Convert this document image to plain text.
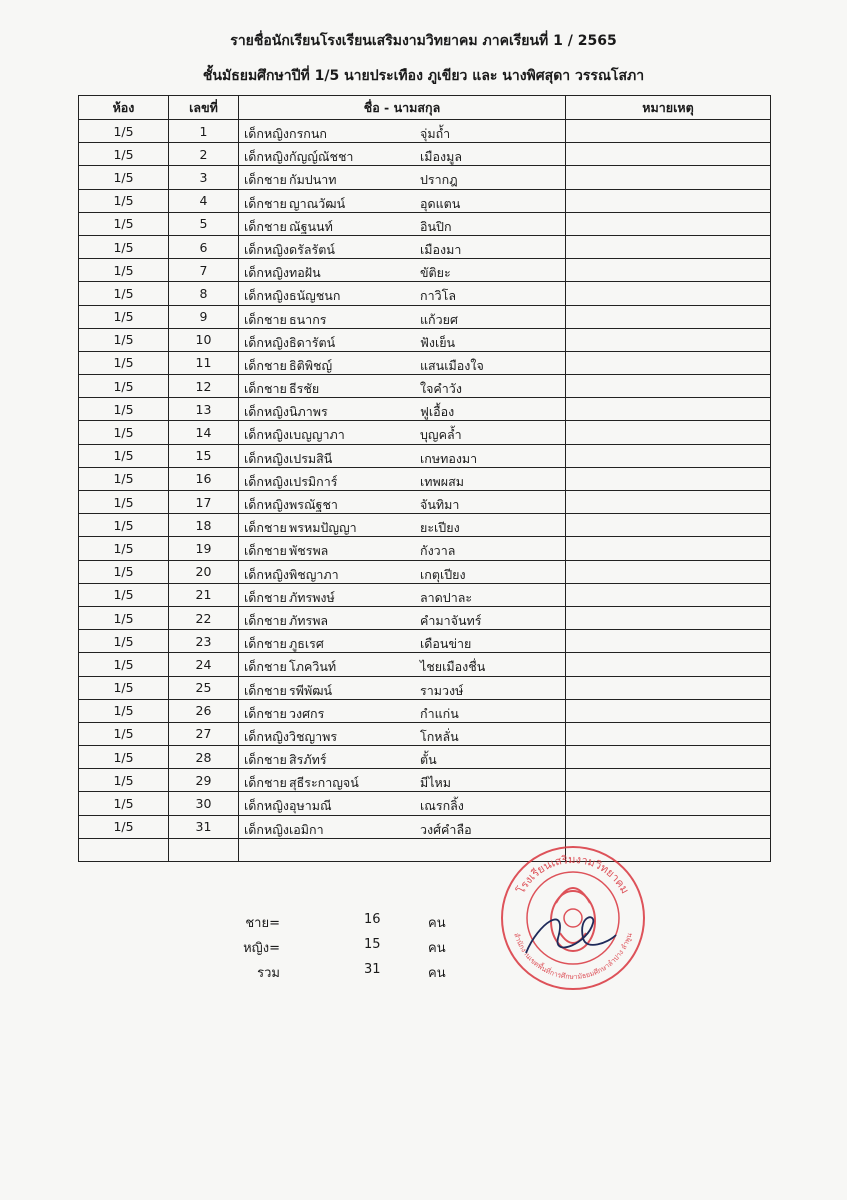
รายชื่อนักเรียนโรงเรียนเสริมงามวิทยาคม ภาคเรียนที่ 1 / 2565
ชั้นมัธยมศึกษาปีที่ 1/5 นายประเทือง ภูเขียว และ นางพิศสุดา วรรณโสภา
ห้อง	เลขที่	ชื่อ - นามสกุล	หมายเหตุ
1/5	1	เด็กหญิง กรกนก จุ่มถ้ำ	

1/5	2	เด็กหญิง กัญญ์ณัชชา เมืองมูล	

1/5	3	เด็กชาย กัมปนาท ปรากฎ	

1/5	4	เด็กชาย ญาณวัฒน์ อุดแตน	

1/5	5	เด็กชาย ณัฐนนท์ อินปิก	

1/5	6	เด็กหญิง ดรัลรัตน์ เมืองมา	

1/5	7	เด็กหญิง ทอฝัน ขัติยะ	

1/5	8	เด็กหญิง ธนัญชนก กาวิโล	

1/5	9	เด็กชาย ธนากร แก้วยศ	

1/5	10	เด็กหญิง ธิดารัตน์ ฟังเย็น	

1/5	11	เด็กชาย ธิติพิชญ์ แสนเมืองใจ	

1/5	12	เด็กชาย ธีรชัย ใจคำวัง	

1/5	13	เด็กหญิง นิภาพร ฟูเอื้อง	

1/5	14	เด็กหญิง เบญญาภา บุญคล้ำ	

1/5	15	เด็กหญิง เปรมสินี เกษทองมา	

1/5	16	เด็กหญิง เปรมิการ์ เทพผสม	

1/5	17	เด็กหญิง พรณัฐชา จันทิมา	

1/5	18	เด็กชาย พรหมปัญญา ยะเปียง	

1/5	19	เด็กชาย พัชรพล กังวาล	

1/5	20	เด็กหญิง พิชญาภา เกตุเปียง	

1/5	21	เด็กชาย ภัทรพงษ์ ลาดปาละ	

1/5	22	เด็กชาย ภัทรพล คำมาจันทร์	

1/5	23	เด็กชาย ภูธเรศ เดือนข่าย	

1/5	24	เด็กชาย โภควินท์ ไชยเมืองชื่น	

1/5	25	เด็กชาย รพีพัฒน์ รามวงษ์	

1/5	26	เด็กชาย วงศกร กำแก่น	

1/5	27	เด็กหญิง วิชญาพร โกหลั่น	

1/5	28	เด็กชาย สิรภัทร์ ตั้น	

1/5	29	เด็กชาย สุธีระกาญจน์ มีไหม	

1/5	30	เด็กหญิง อุษามณี เณรกลิ้ง	

1/5	31	เด็กหญิง เอมิกา วงศ์คำลือ	

ชาย=	16	คน
หญิง=	15	คน
รวม	31	คน
โรงเรียนเสริมงามวิทยาคม
สำนักงานเขตพื้นที่การศึกษามัธยมศึกษาลำปาง ลำพูน
